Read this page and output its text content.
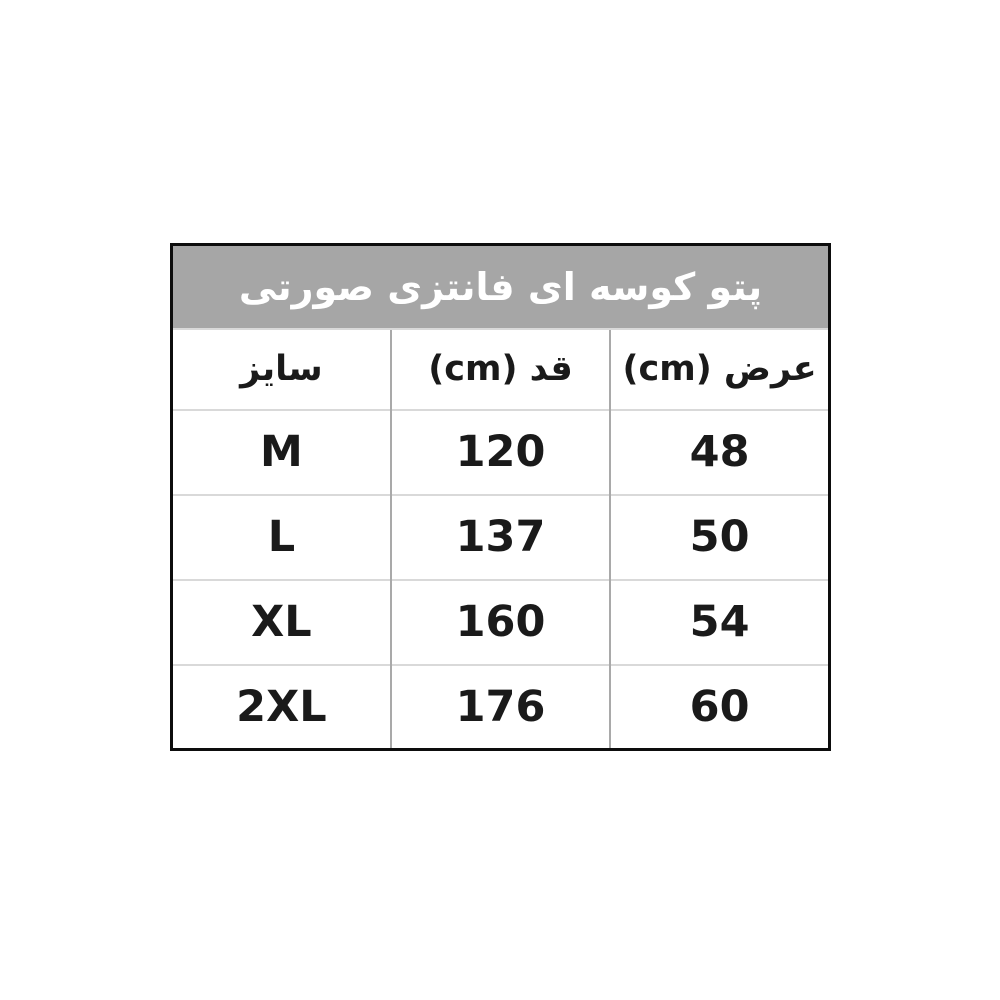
پتو کوسه ای فانتزی صورتی		
سایز	قد (cm)	عرض (cm)
M	120	48
L	137	50
XL	160	54
2XL	176	60
